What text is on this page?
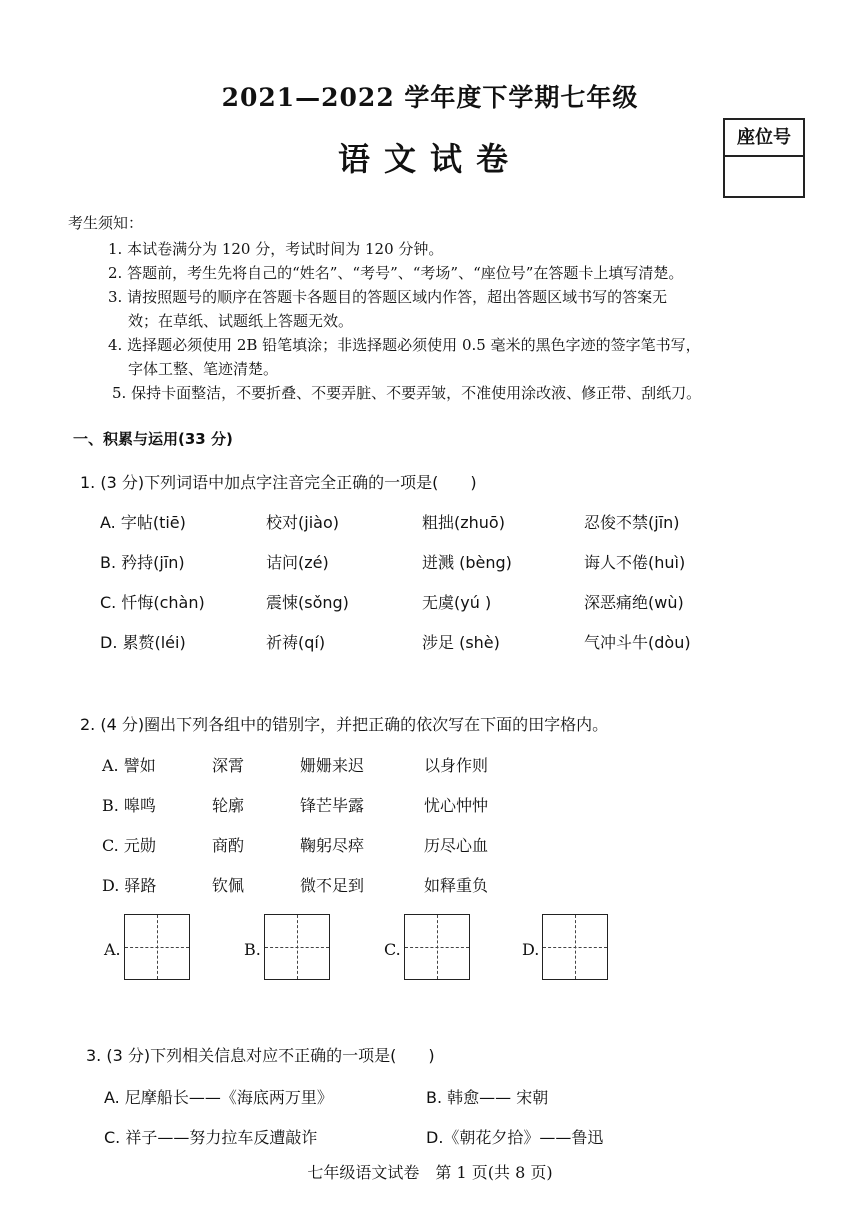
2021—2022 学年度下学期七年级
语文试卷
座位号
考生须知：
1. 本试卷满分为 120 分，考试时间为 120 分钟。
2. 答题前，考生先将自己的“姓名”、“考号”、“考场”、“座位号”在答题卡上填写清楚。
3. 请按照题号的顺序在答题卡各题目的答题区域内作答，超出答题区域书写的答案无
效；在草纸、试题纸上答题无效。
4. 选择题必须使用 2B 铅笔填涂；非选择题必须使用 0.5 毫米的黑色字迹的签字笔书写，
字体工整、笔迹清楚。
5. 保持卡面整洁，不要折叠、不要弄脏、不要弄皱，不准使用涂改液、修正带、刮纸刀。
一、积累与运用(33 分)
1. (3 分)下列词语中加点字注音完全正确的一项是(　　)
A. 字帖(tiē)	校对(jiào)	粗拙(zhuō)	忍俊不禁(jīn)
B. 矜持(jīn)	诘问(zé)	迸溅 (bèng)	诲人不倦(huì)
C. 忏悔(chàn)	震悚(sǒng)	无虞(yú )	深恶痛绝(wù)
D. 累赘(léi)	祈祷(qí)	涉足 (shè)	气冲斗牛(dòu)
2. (4 分)圈出下列各组中的错别字，并把正确的依次写在下面的田字格内。
A. 譬如	深霄	姗姗来迟	以身作则
B. 嗥鸣	轮廓	锋芒毕露	忧心忡忡
C. 元勋	商酌	鞠躬尽瘁	历尽心血
D. 驿路	钦佩	微不足到	如释重负
A.	B.	C.	D.
3. (3 分)下列相关信息对应不正确的一项是(　　)
A. 尼摩船长——《海底两万里》	B. 韩愈—— 宋朝
C. 祥子——努力拉车反遭敲诈	D.《朝花夕拾》——鲁迅
七年级语文试卷　第 1 页(共 8 页)
